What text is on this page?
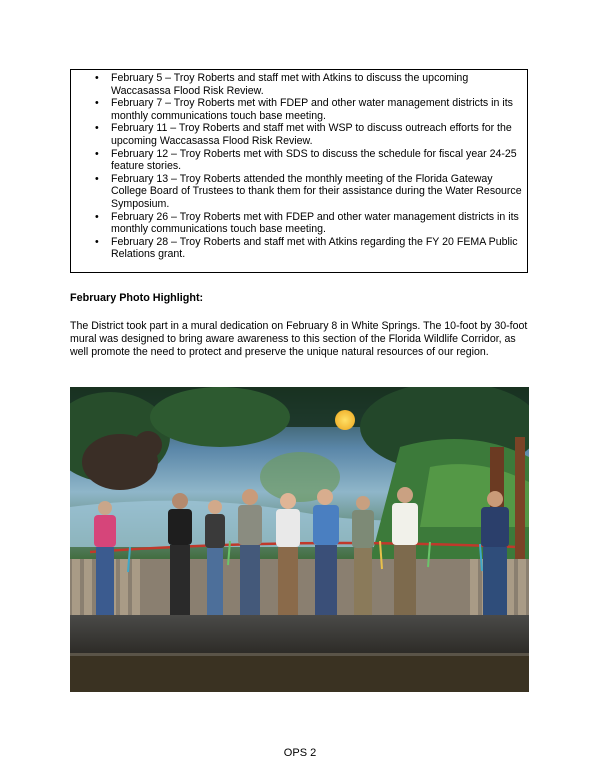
• February 5 – Troy Roberts and staff met with Atkins to discuss the upcoming Waccasassa Flood Risk Review.
• February 7 – Troy Roberts met with FDEP and other water management districts in its monthly communications touch base meeting.
• February 11 – Troy Roberts and staff met with WSP to discuss outreach efforts for the upcoming Waccasassa Flood Risk Review.
• February 12 – Troy Roberts met with SDS to discuss the schedule for fiscal year 24-25 feature stories.
• February 13 – Troy Roberts attended the monthly meeting of the Florida Gateway College Board of Trustees to thank them for their assistance during the Water Resource Symposium.
• February 26 – Troy Roberts met with FDEP and other water management districts in its monthly communications touch base meeting.
• February 28 – Troy Roberts and staff met with Atkins regarding the FY 20 FEMA Public Relations grant.
February Photo Highlight:
The District took part in a mural dedication on February 8 in White Springs. The 10-foot by 30-foot mural was designed to bring aware awareness to this section of the Florida Wildlife Corridor, as well promote the need to protect and preserve the unique natural resources of our region.
OPS 2
